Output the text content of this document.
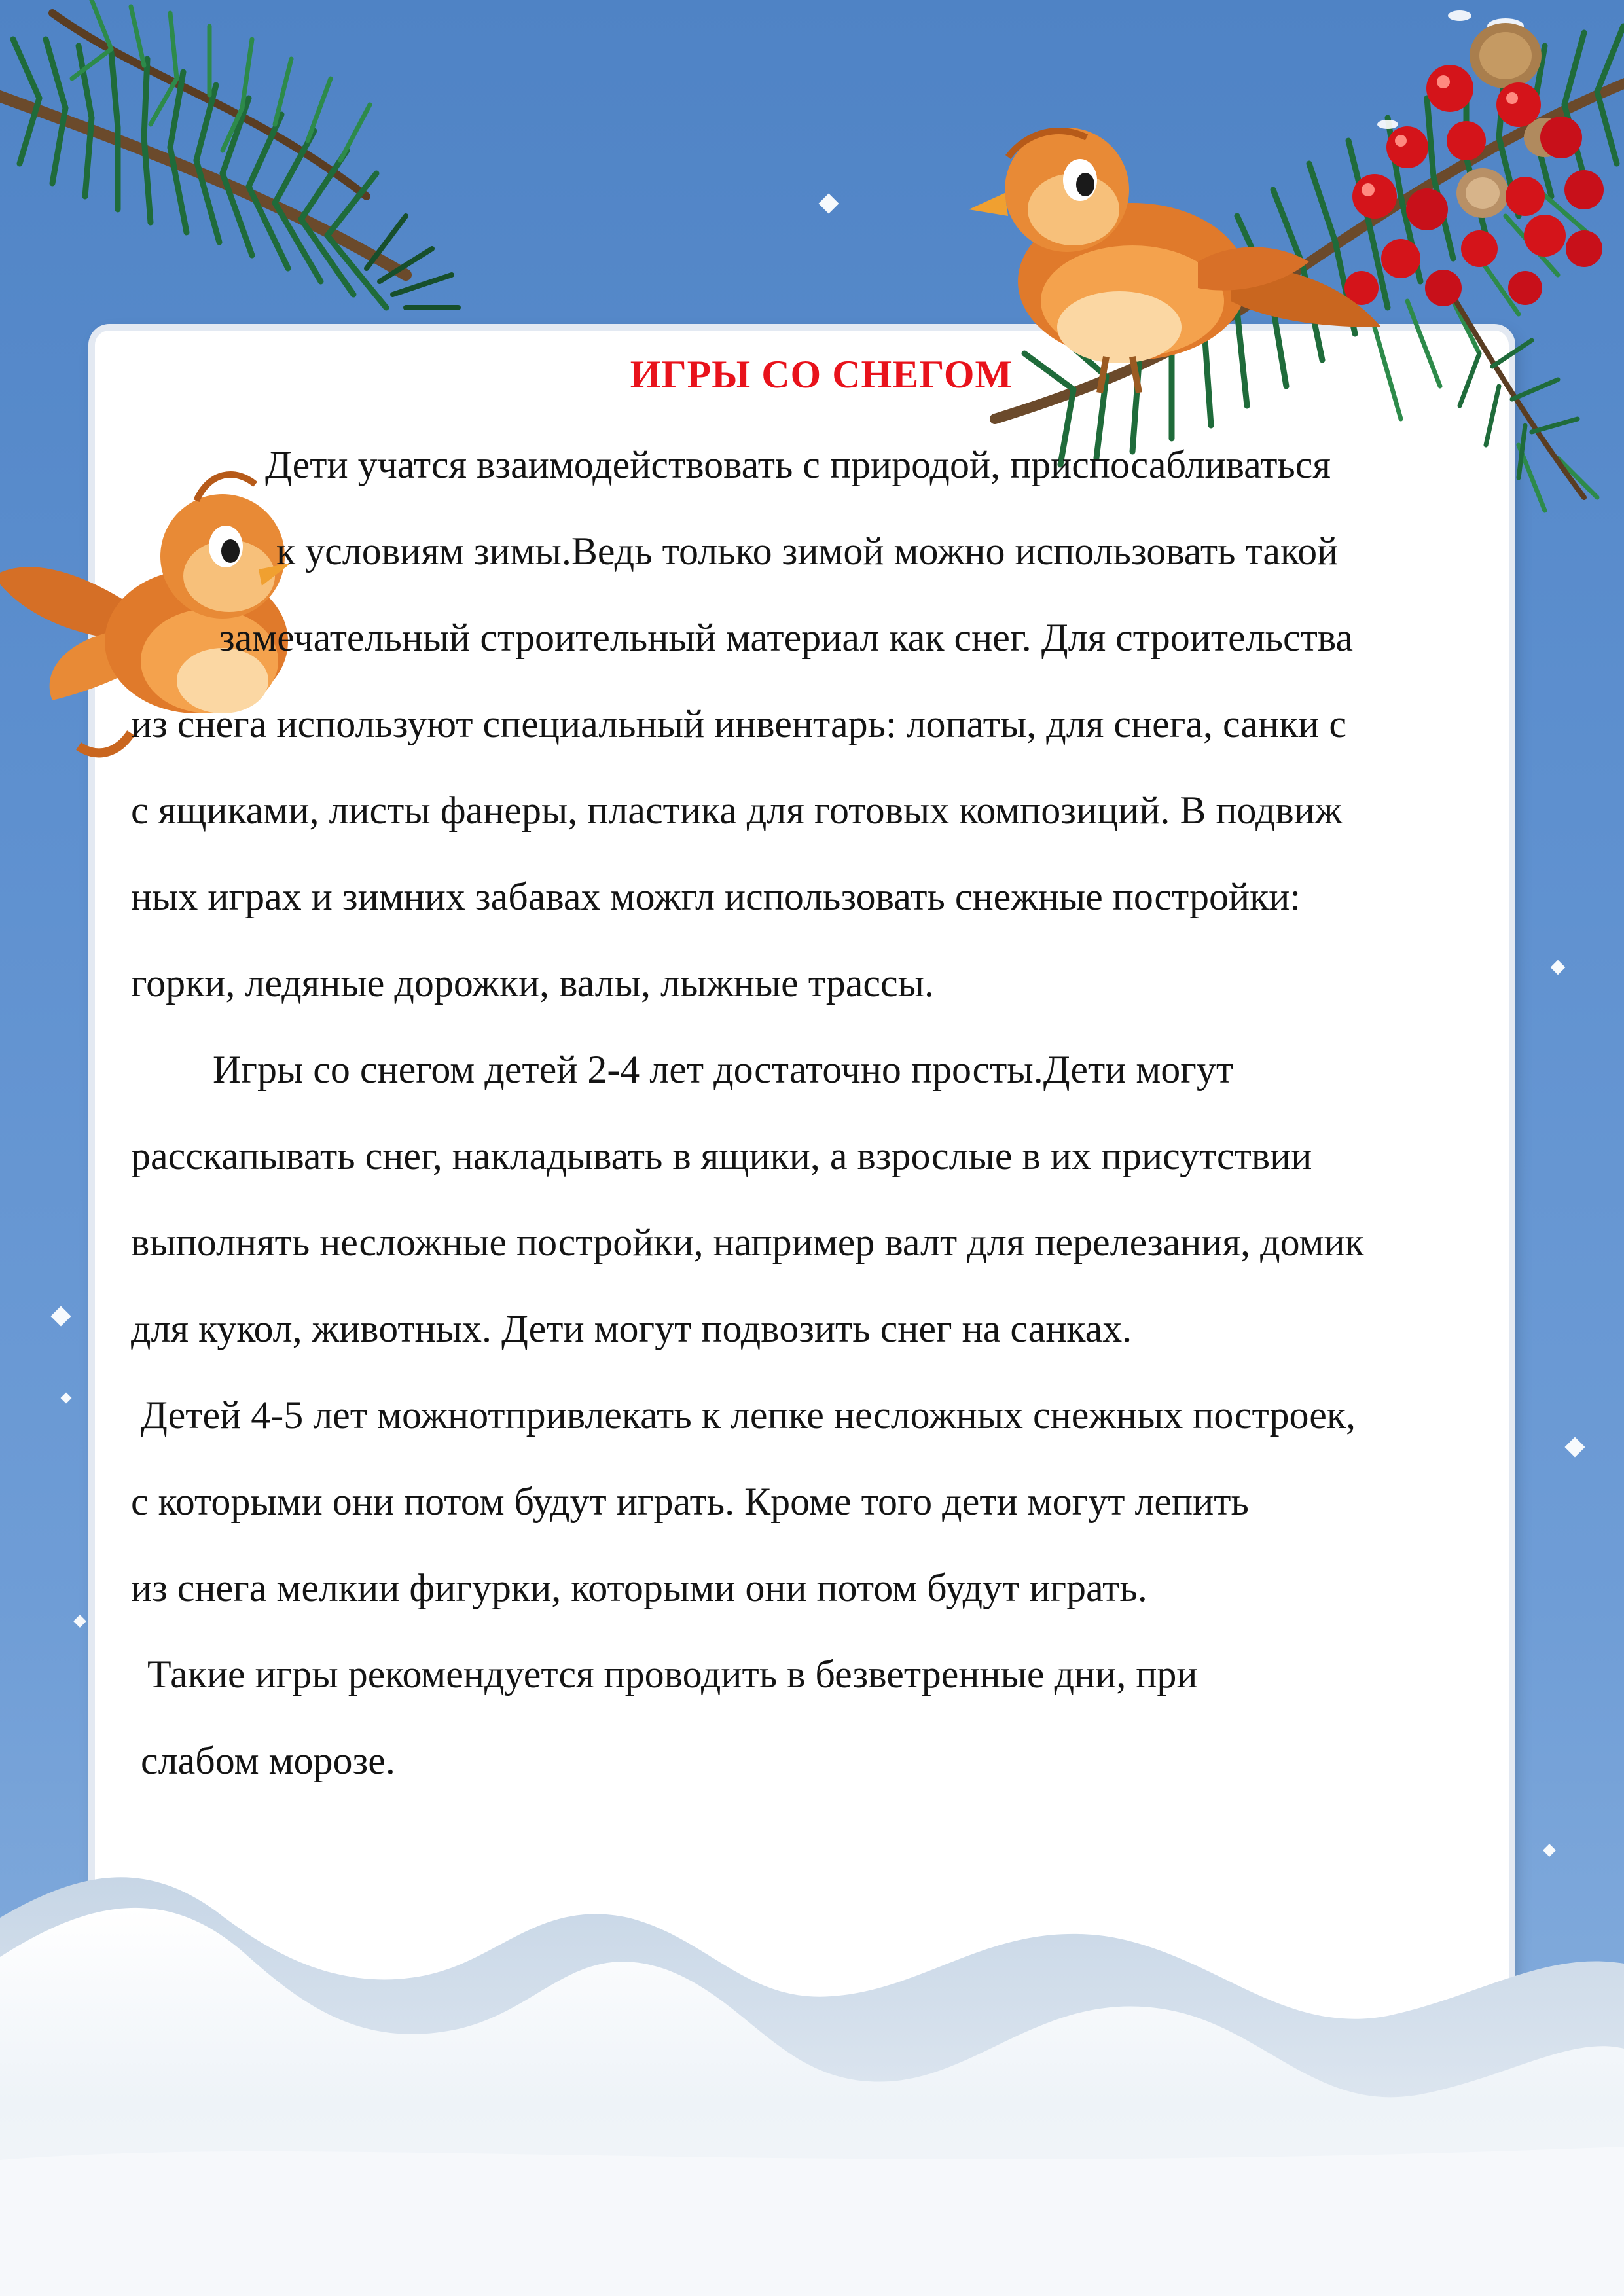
ИГРЫ СО СНЕГОМ
Дети учатся взаимодействовать с природой, приспосабливаться
к условиям зимы.Ведь только зимой можно использовать такой
замечательный строительный материал как снег. Для строительства
из снега используют специальный инвентарь: лопаты, для снега, санки с
с ящиками, листы фанеры, пластика для готовых композиций. В подвиж
ных играх и зимних забавах можгл использовать снежные постройки:
горки, ледяные дорожки, валы, лыжные трассы.
Игры со снегом детей 2-4 лет достаточно просты.Дети могут
расскапывать снег, накладывать в ящики, а взрослые в их присутствии
выполнять несложные постройки, например валт для перелезания, домик
для кукол, животных. Дети могут подвозить снег на санках.
Детей 4-5 лет можнотпривлекать к лепке несложных снежных построек,
с которыми они потом будут играть. Кроме того дети могут лепить
из снега мелкии фигурки, которыми они потом будут играть.
Такие игры рекомендуется проводить в безветренные дни, при
слабом морозе.
